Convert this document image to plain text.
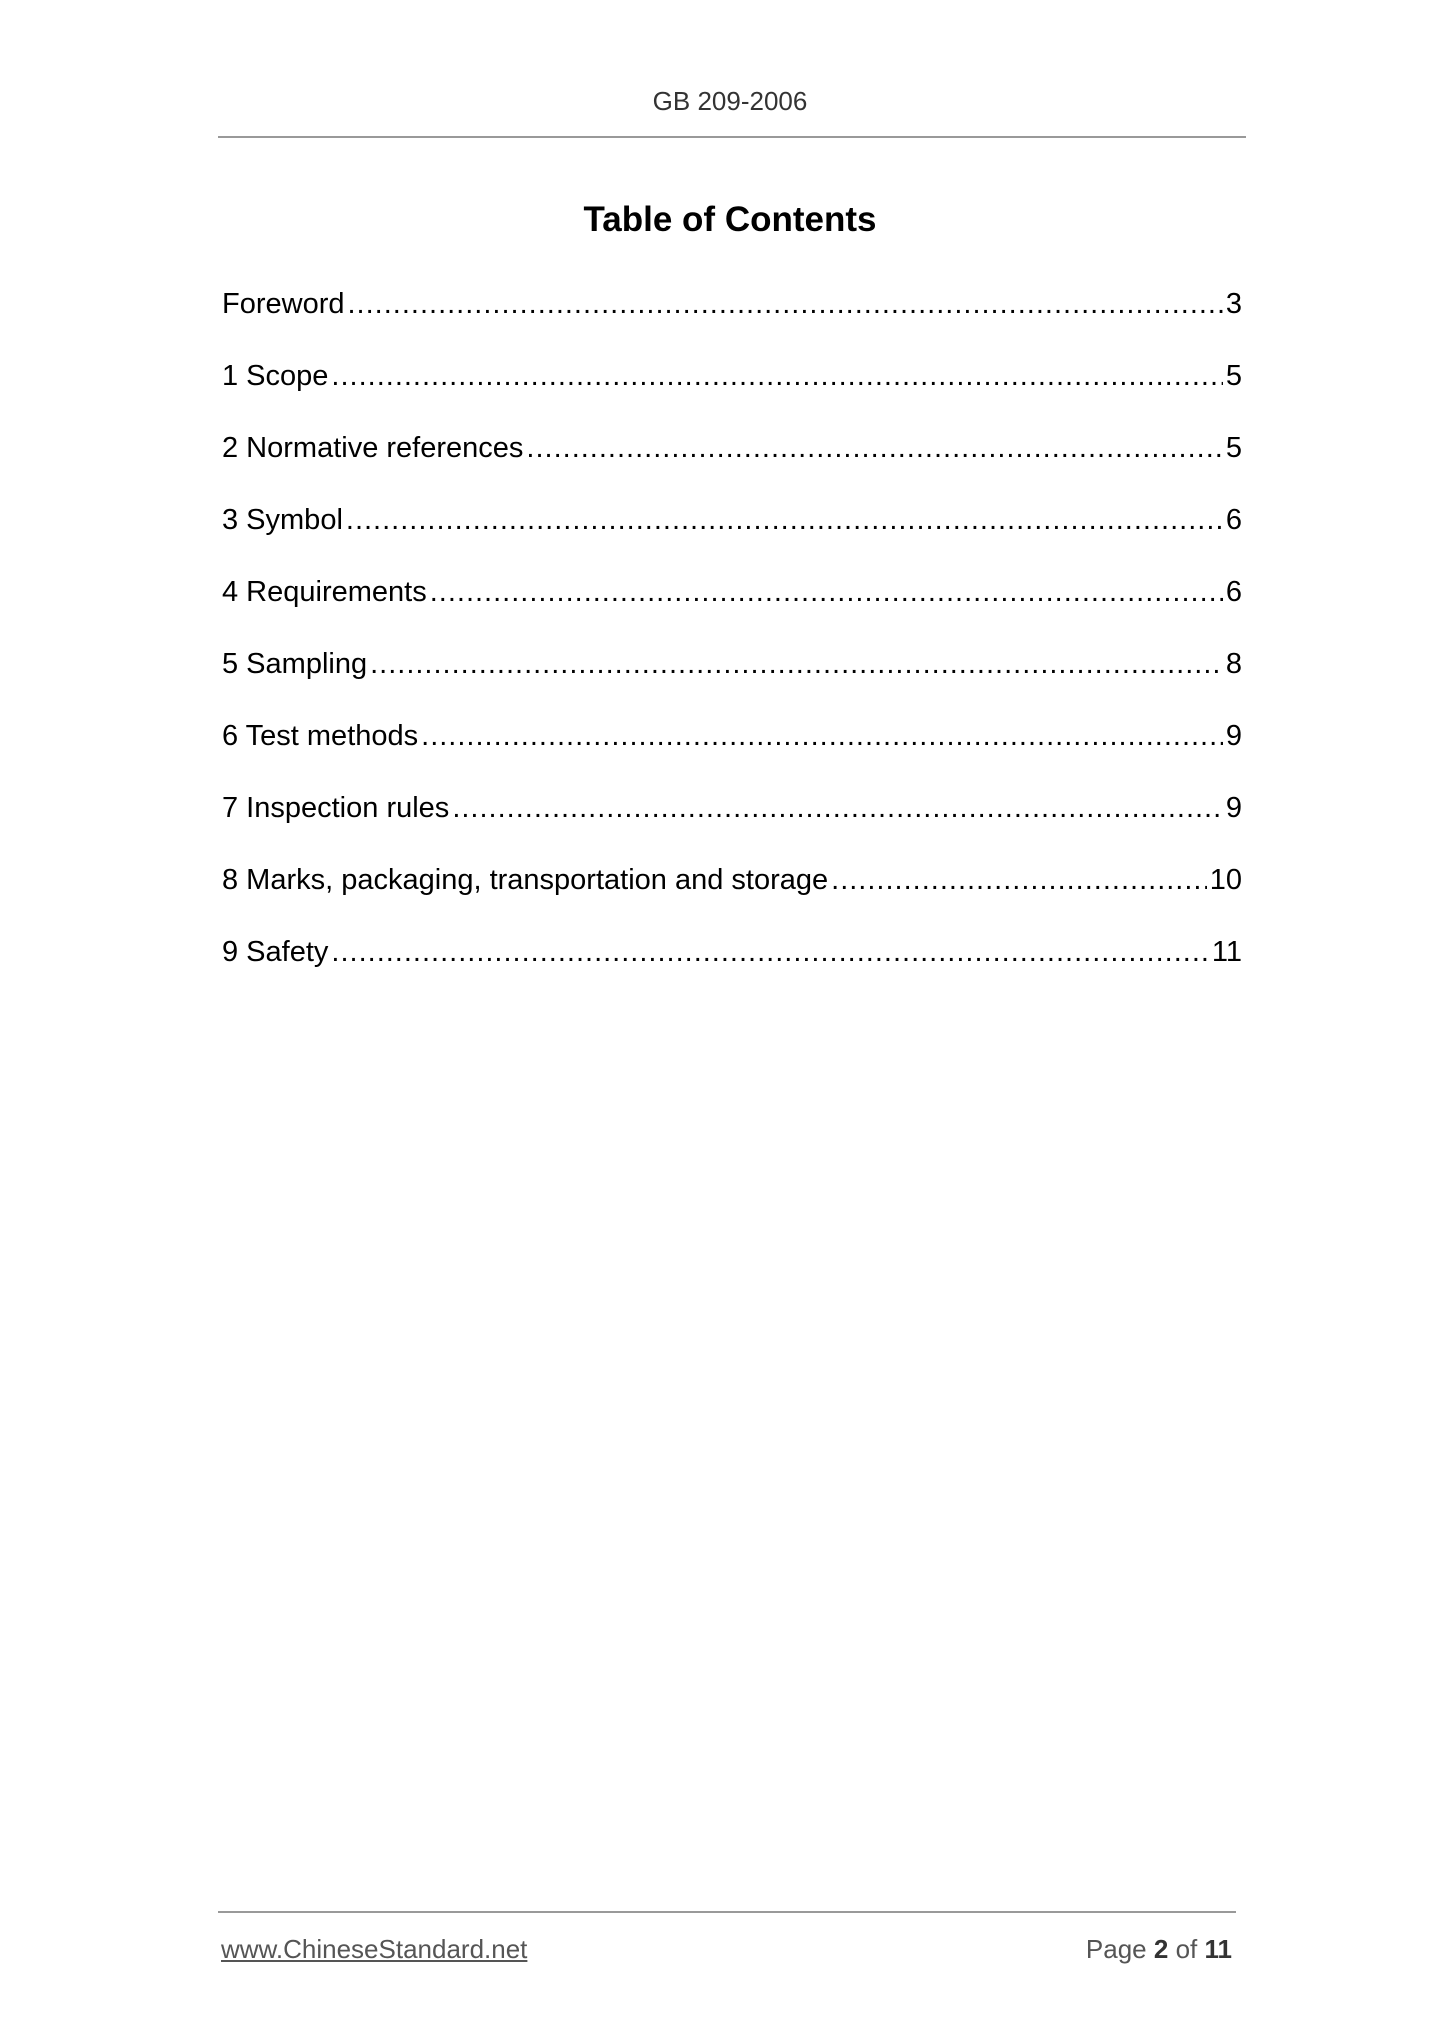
GB 209-2006
Table of Contents
Foreword .....	3
1 Scope .....	5
2 Normative references .....	5
3 Symbol .....	6
4 Requirements .....	6
5 Sampling .....	8
6 Test methods .....	9
7 Inspection rules .....	9
8 Marks, packaging, transportation and storage .....	10
9 Safety .....	11
www.ChineseStandard.net	Page 2 of 11
